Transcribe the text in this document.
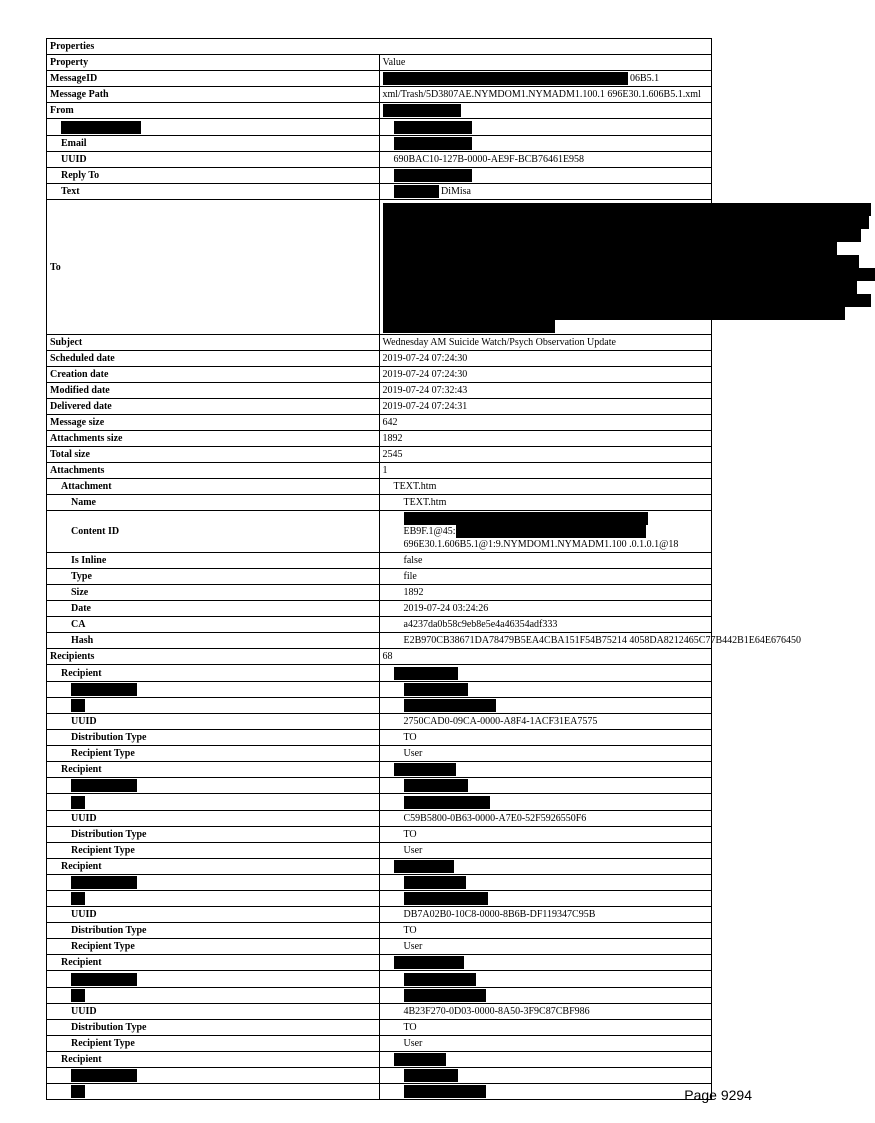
Properties	
Property	Value
MessageID	06B5.1
Message Path	xml/Trash/5D3807AE.NYMDOM1.NYMADM1.100.1 696E30.1.606B5.1.xml
From	

Email	
UUID	690BAC10-127B-0000-AE9F-BCB76461E958
Reply To	
Text	DiMisa
To	

Subject	Wednesday AM Suicide Watch/Psych Observation Update
Scheduled date	2019-07-24 07:24:30
Creation date	2019-07-24 07:24:30
Modified date	2019-07-24 07:32:43
Delivered date	2019-07-24 07:24:31
Message size	642
Attachments size	1892
Total size	2545
Attachments	1
Attachment	TEXT.htm
Name	TEXT.htm
Content ID	EB9F.1@45:
696E30.1.606B5.1@1:9.NYMDOM1.NYMADM1.100 .0.1.0.1@18

Is Inline	false
Type	file
Size	1892
Date	2019-07-24 03:24:26
CA	a4237da0b58c9eb8e5e4a46354adf333
Hash	E2B970CB38671DA78479B5EA4CBA151F54B75214 4058DA8212465C77B442B1E64E676450
Recipients	68
Recipient	

UUID	2750CAD0-09CA-0000-A8F4-1ACF31EA7575
Distribution Type	TO
Recipient Type	User
Recipient	

UUID	C59B5800-0B63-0000-A7E0-52F5926550F6
Distribution Type	TO
Recipient Type	User
Recipient	

UUID	DB7A02B0-10C8-0000-8B6B-DF119347C95B
Distribution Type	TO
Recipient Type	User
Recipient	

UUID	4B23F270-0D03-0000-8A50-3F9C87CBF986
Distribution Type	TO
Recipient Type	User
Recipient	

Page 9294
